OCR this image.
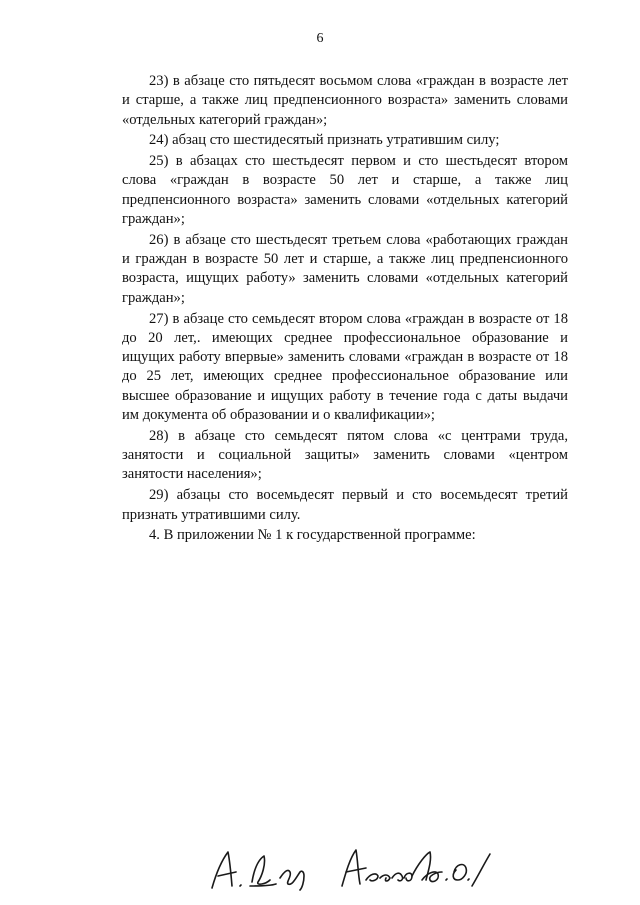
6

23) в абзаце сто пятьдесят восьмом слова «граждан в возрасте лет и старше, а также лиц предпенсионного возраста» заменить словами «отдельных категорий граждан»;

24) абзац сто шестидесятый признать утратившим силу;

25) в абзацах сто шестьдесят первом и сто шестьдесят втором слова «граждан в возрасте 50 лет и старше, а также лиц предпенсионного возраста» заменить словами «отдельных категорий граждан»;

26) в абзаце сто шестьдесят третьем слова «работающих граждан и граждан в возрасте 50 лет и старше, а также лиц предпенсионного возраста, ищущих работу» заменить словами «отдельных категорий граждан»;

27) в абзаце сто семьдесят втором слова «граждан в возрасте от 18 до 20 лет,. имеющих среднее профессиональное образование и ищущих работу впервые» заменить словами «граждан в возрасте от 18 до 25 лет, имеющих среднее профессиональное образование или высшее образование и ищущих работу в течение года с даты выдачи им документа об образовании и о квалификации»;

28) в абзаце сто семьдесят пятом слова «с центрами труда, занятости и социальной защиты» заменить словами «центром занятости населения»;

29) абзацы сто восемьдесят первый и сто восемьдесят третий признать утратившими силу.

4. В приложении № 1 к государственной программе:
